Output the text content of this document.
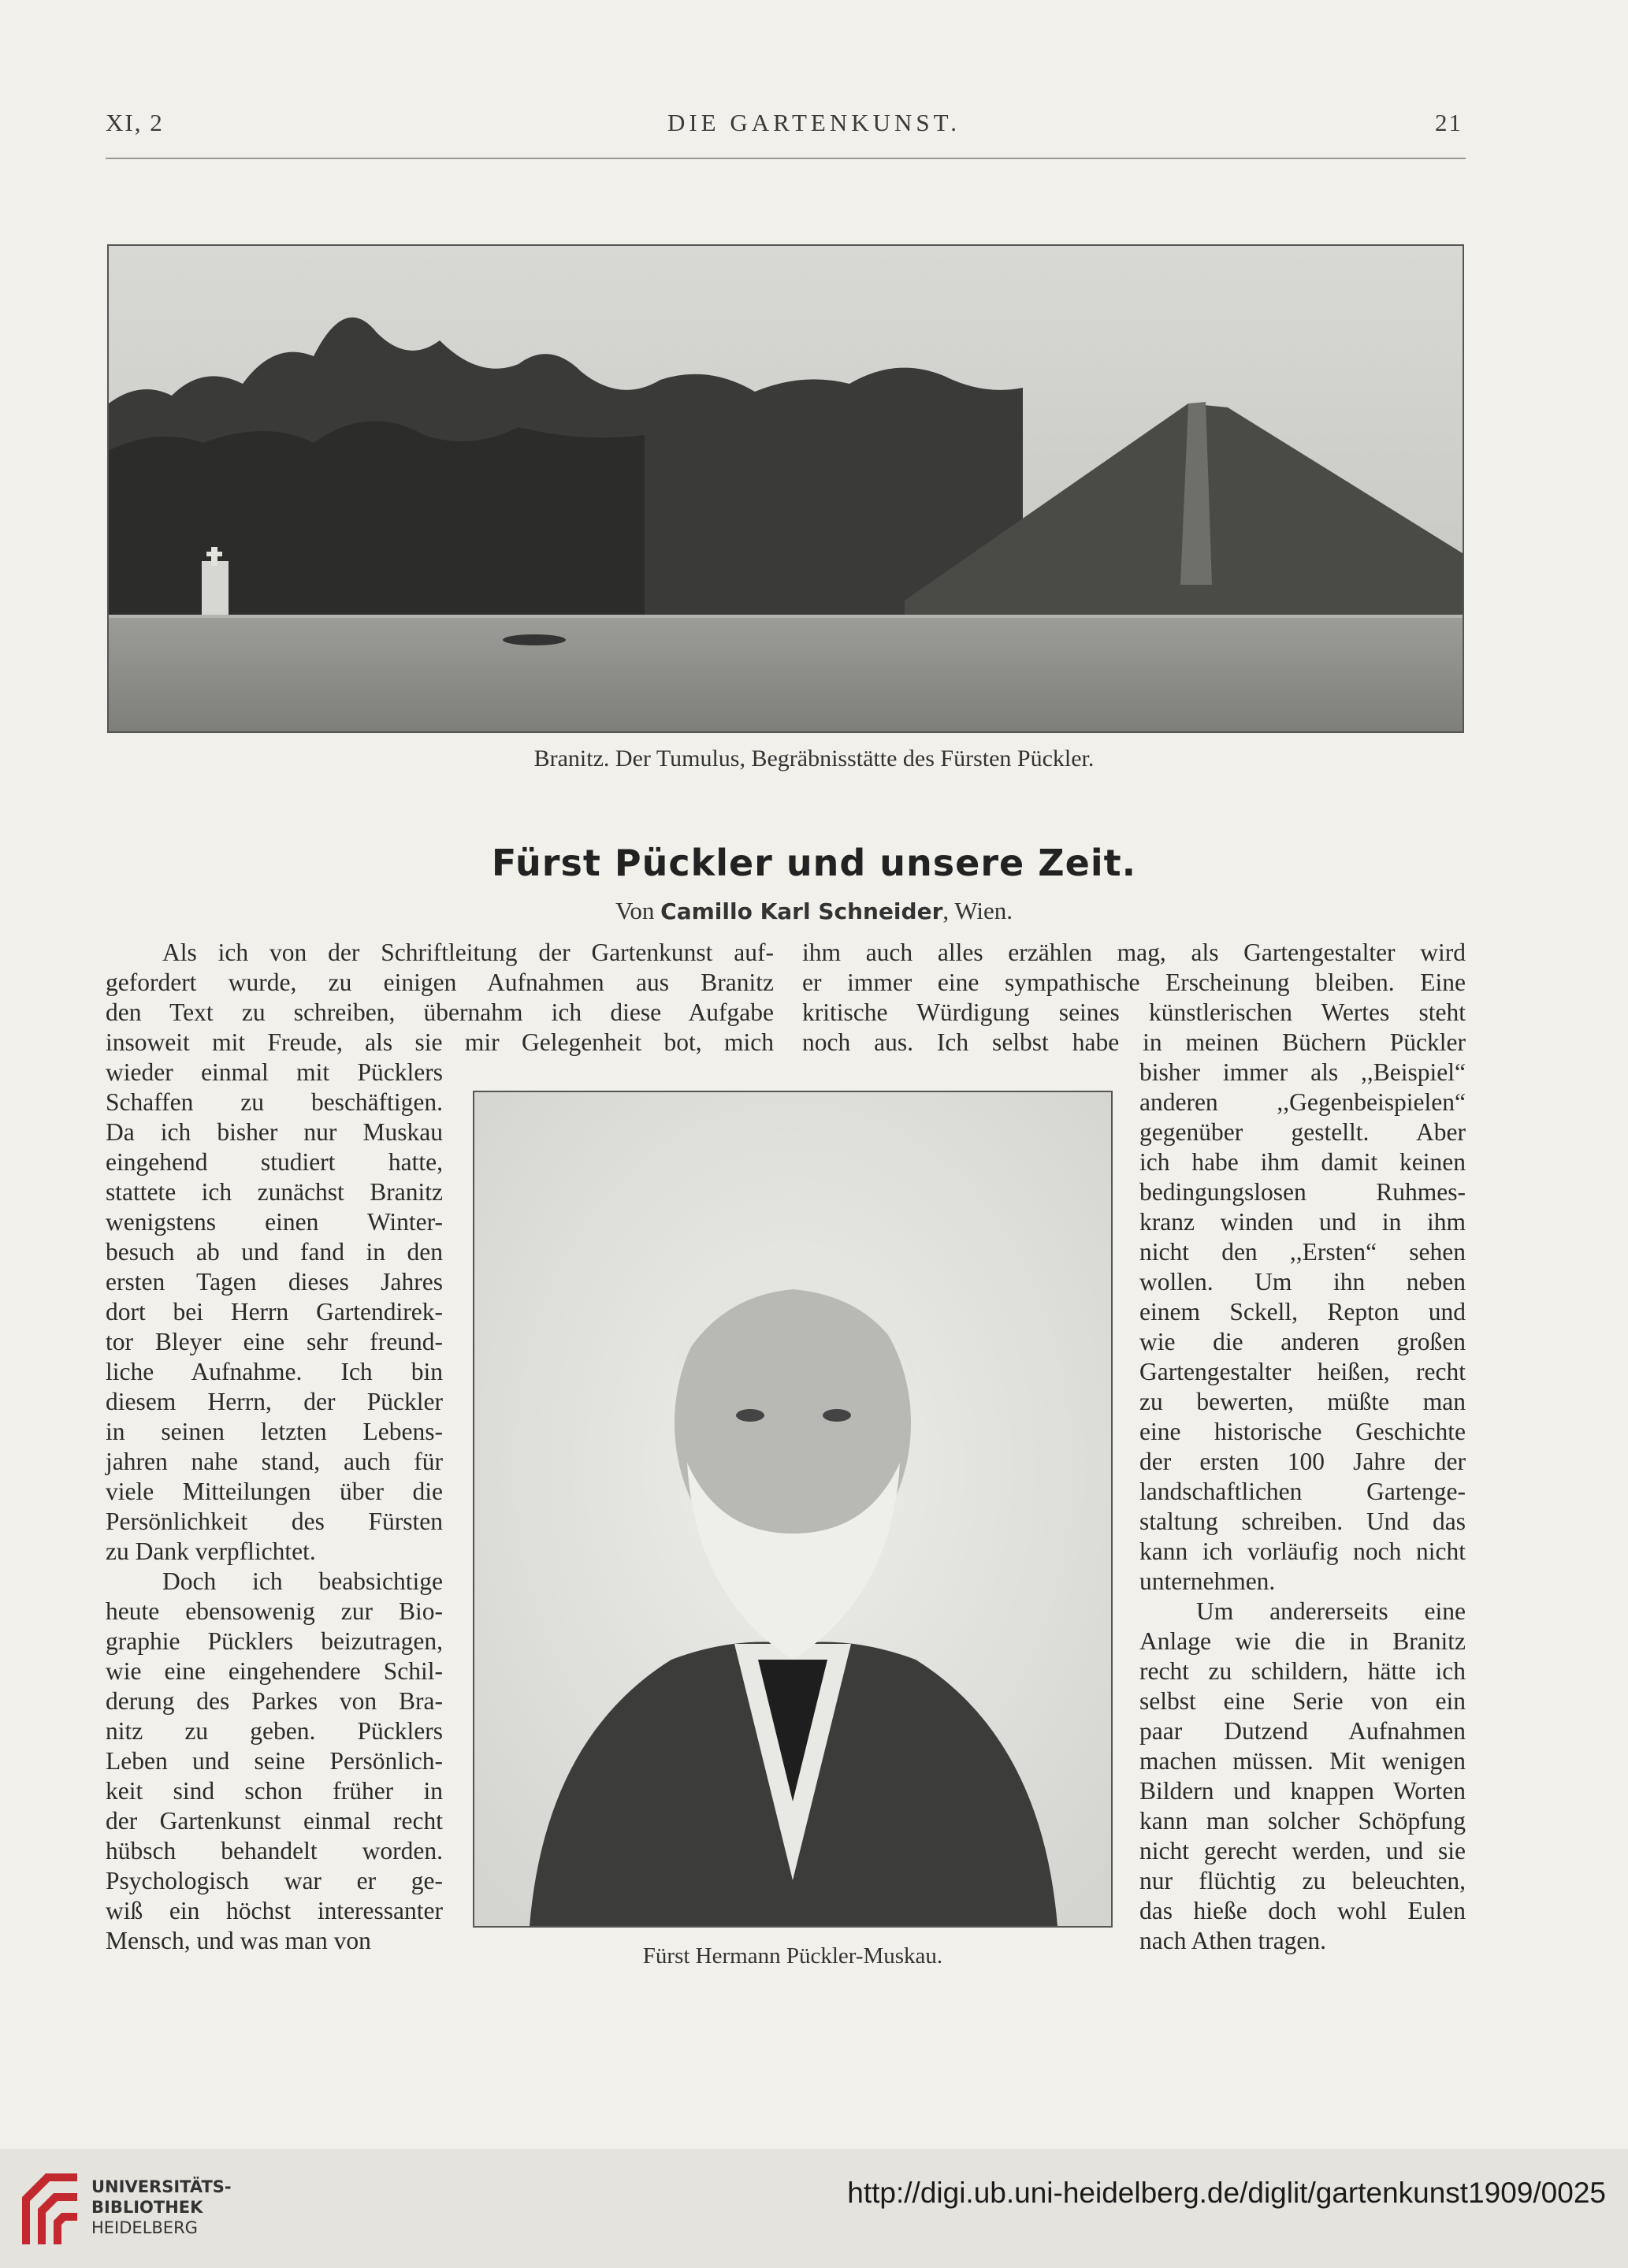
XI, 2	DIE GARTENKUNST.	21
Branitz. Der Tumulus, Begräbnisstätte des Fürsten Pückler.
Fürst Pückler und unsere Zeit.
Von Camillo Karl Schneider, Wien.
Als ich von der Schriftleitung der Gartenkunst auf-
gefordert wurde, zu einigen Aufnahmen aus Branitz
den Text zu schreiben, übernahm ich diese Aufgabe
insoweit mit Freude, als sie mir Gelegenheit bot, mich
ihm auch alles erzählen mag, als Gartengestalter wird
er immer eine sympathische Erscheinung bleiben. Eine
kritische Würdigung seines künstlerischen Wertes steht
noch aus. Ich selbst habe in meinen Büchern Pückler
wieder einmal mit Pücklers
Schaffen zu beschäftigen.
Da ich bisher nur Muskau
eingehend studiert hatte,
stattete ich zunächst Branitz
wenigstens einen Winter-
besuch ab und fand in den
ersten Tagen dieses Jahres
dort bei Herrn Gartendirek-
tor Bleyer eine sehr freund-
liche Aufnahme. Ich bin
diesem Herrn, der Pückler
in seinen letzten Lebens-
jahren nahe stand, auch für
viele Mitteilungen über die
Persönlichkeit des Fürsten
zu Dank verpflichtet.
Doch ich beabsichtige
heute ebensowenig zur Bio-
graphie Pücklers beizutragen,
wie eine eingehendere Schil-
derung des Parkes von Bra-
nitz zu geben. Pücklers
Leben und seine Persönlich-
keit sind schon früher in
der Gartenkunst einmal recht
hübsch behandelt worden.
Psychologisch war er ge-
wiß ein höchst interessanter
Mensch, und was man von
bisher immer als ,,Beispiel“
anderen ,,Gegenbeispielen“
gegenüber gestellt. Aber
ich habe ihm damit keinen
bedingungslosen Ruhmes-
kranz winden und in ihm
nicht den ,,Ersten“ sehen
wollen. Um ihn neben
einem Sckell, Repton und
wie die anderen großen
Gartengestalter heißen, recht
zu bewerten, müßte man
eine historische Geschichte
der ersten 100 Jahre der
landschaftlichen Gartenge-
staltung schreiben. Und das
kann ich vorläufig noch nicht
unternehmen.
Um andererseits eine
Anlage wie die in Branitz
recht zu schildern, hätte ich
selbst eine Serie von ein
paar Dutzend Aufnahmen
machen müssen. Mit wenigen
Bildern und knappen Worten
kann man solcher Schöpfung
nicht gerecht werden, und sie
nur flüchtig zu beleuchten,
das hieße doch wohl Eulen
nach Athen tragen.
Fürst Hermann Pückler-Muskau.
UNIVERSITÄTS-
BIBLIOTHEK
HEIDELBERG
http://digi.ub.uni-heidelberg.de/diglit/gartenkunst1909/0025
